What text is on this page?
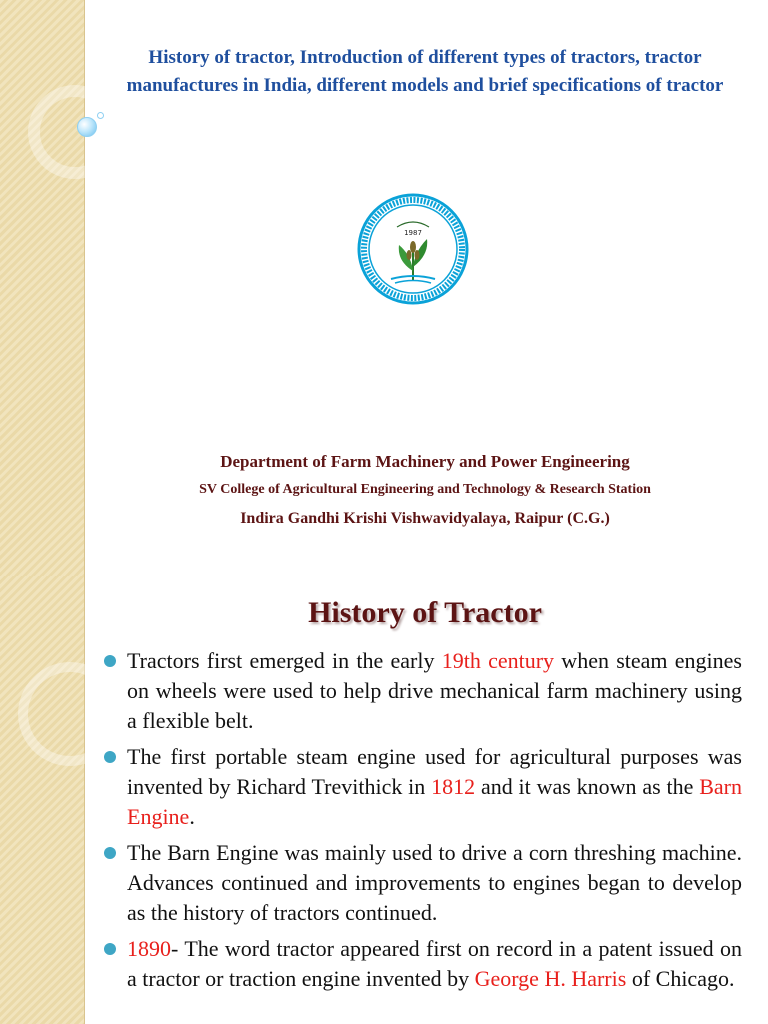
History of tractor, Introduction of different types of tractors, tractor manufactures in India, different models and brief specifications of tractor
1987
Department of Farm Machinery and Power Engineering
SV College of Agricultural Engineering and Technology & Research Station
Indira Gandhi Krishi Vishwavidyalaya, Raipur (C.G.)
History of Tractor
Tractors first emerged in the early 19th century when steam engines on wheels were used to help drive mechanical farm machinery using a flexible belt.
The first portable steam engine used for agricultural purposes was invented by Richard Trevithick in 1812 and it was known as the Barn Engine.
The Barn Engine was mainly used to drive a corn threshing machine. Advances continued and improvements to engines began to develop as the history of tractors continued.
1890- The word tractor appeared first on record in a patent issued on a tractor or traction engine invented by George H. Harris of Chicago.
